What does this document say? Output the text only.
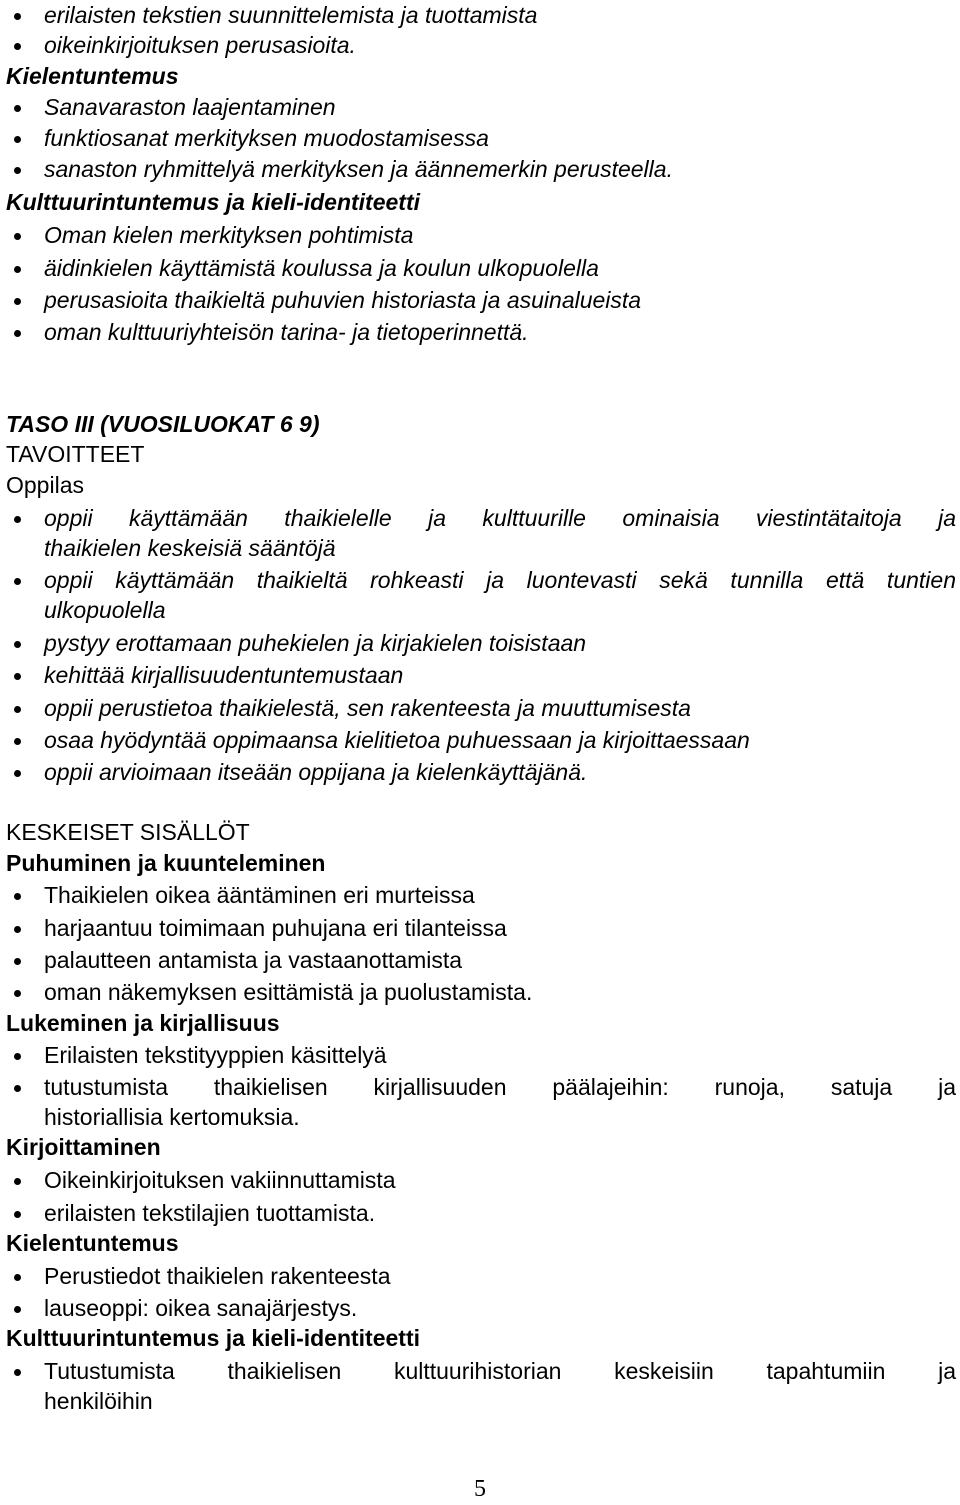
erilaisten tekstien suunnittelemista ja tuottamista
oikeinkirjoituksen perusasioita.
Kielentuntemus
Sanavaraston laajentaminen
funktiosanat merkityksen muodostamisessa
sanaston ryhmittelyä merkityksen ja äännemerkin perusteella.
Kulttuurintuntemus ja kieli-identiteetti
Oman kielen merkityksen pohtimista
äidinkielen käyttämistä koulussa ja koulun ulkopuolella
perusasioita thaikieltä puhuvien historiasta ja asuinalueista
oman kulttuuriyhteisön tarina- ja tietoperinnettä.
TASO III (VUOSILUOKAT 6 9)
TAVOITTEET
Oppilas
oppii käyttämään thaikielelle ja kulttuurille ominaisia viestintätaitoja ja
thaikielen keskeisiä sääntöjä
oppii käyttämään thaikieltä rohkeasti ja luontevasti sekä tunnilla että tuntien
ulkopuolella
pystyy erottamaan puhekielen ja kirjakielen toisistaan
kehittää kirjallisuudentuntemustaan
oppii perustietoa thaikielestä, sen rakenteesta ja muuttumisesta
osaa hyödyntää oppimaansa kielitietoa puhuessaan ja kirjoittaessaan
oppii arvioimaan itseään oppijana ja kielenkäyttäjänä.
KESKEISET SISÄLLÖT
Puhuminen ja kuunteleminen
Thaikielen oikea ääntäminen eri murteissa
harjaantuu toimimaan puhujana eri tilanteissa
palautteen antamista ja vastaanottamista
oman näkemyksen esittämistä ja puolustamista.
Lukeminen ja kirjallisuus
Erilaisten tekstityyppien käsittelyä
tutustumista thaikielisen kirjallisuuden päälajeihin: runoja, satuja ja
historiallisia kertomuksia.
Kirjoittaminen
Oikeinkirjoituksen vakiinnuttamista
erilaisten tekstilajien tuottamista.
Kielentuntemus
Perustiedot thaikielen rakenteesta
lauseoppi: oikea sanajärjestys.
Kulttuurintuntemus ja kieli-identiteetti
Tutustumista thaikielisen kulttuurihistorian keskeisiin tapahtumiin ja
henkilöihin
5
